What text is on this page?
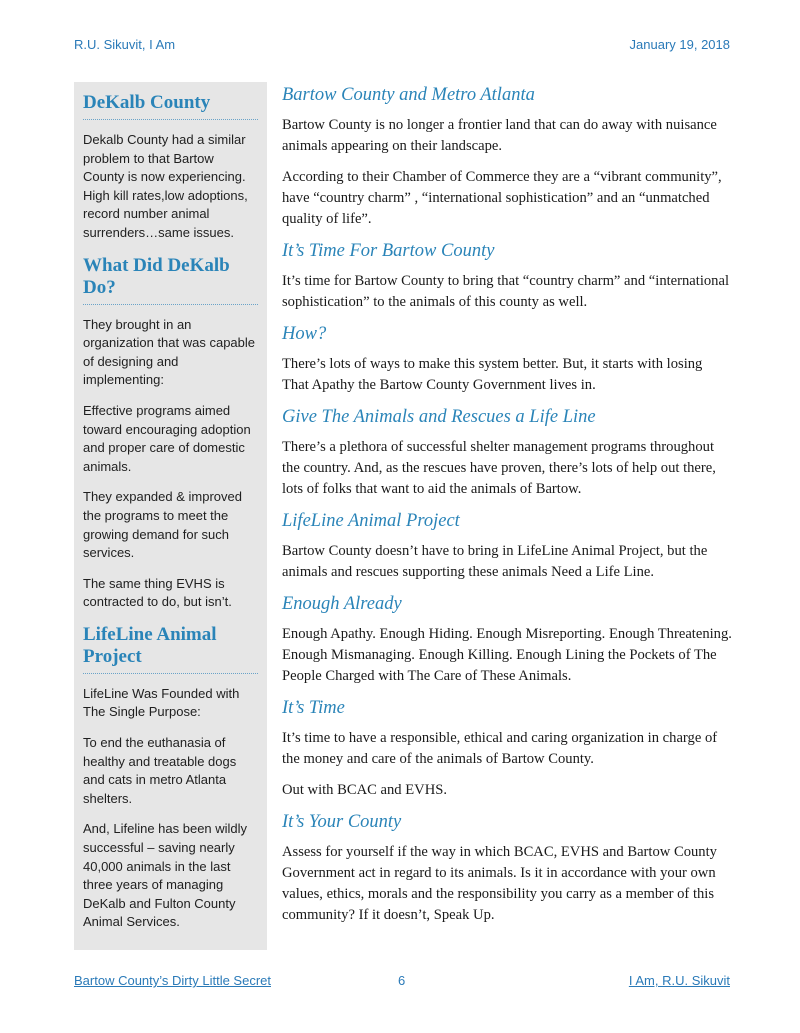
R.U. Sikuvit, I Am	January 19, 2018
DeKalb County

Dekalb County had a similar problem to that Bartow County is now experiencing. High kill rates,low adoptions, record number animal surrenders…same issues.

What Did DeKalb Do?

They brought in an organization that was capable of designing and implementing:

Effective programs aimed toward encouraging adoption and proper care of domestic animals.

They expanded & improved the programs to meet the growing demand for such services.

The same thing EVHS is contracted to do, but isn’t.

LifeLine Animal Project

LifeLine Was Founded with The Single Purpose:

To end the euthanasia of healthy and treatable dogs and cats in metro Atlanta shelters.

And, Lifeline has been wildly successful – saving nearly 40,000 animals in the last three years of managing DeKalb and Fulton County Animal Services.

Bartow County and Metro Atlanta

Bartow County is no longer a frontier land that can do away with nuisance animals appearing on their landscape.

According to their Chamber of Commerce they are a “vibrant community”, have “country charm” , “international sophistication” and an “unmatched quality of life”.

It’s Time For Bartow County

It’s time for Bartow County to bring that “country charm” and “international sophistication” to the animals of this county as well.

How?

There’s lots of ways to make this system better. But, it starts with losing That Apathy the Bartow County Government lives in.

Give The Animals and Rescues a Life Line

There’s a plethora of successful shelter management programs throughout the country. And, as the rescues have proven, there’s lots of help out there, lots of folks that want to aid the animals of Bartow.

LifeLine Animal Project

Bartow County doesn’t have to bring in LifeLine Animal Project, but the animals and rescues supporting these animals Need a Life Line.

Enough Already

Enough Apathy. Enough Hiding. Enough Misreporting. Enough Threatening. Enough Mismanaging. Enough Killing. Enough Lining the Pockets of The People Charged with The Care of These Animals.

It’s Time

It’s time to have a responsible, ethical and caring organization in charge of the money and care of the animals of Bartow County.

Out with BCAC and EVHS.

It’s Your County

Assess for yourself if the way in which BCAC, EVHS and Bartow County Government act in regard to its animals. Is it in accordance with your own values, ethics, morals and the responsibility you carry as a member of this community? If it doesn’t, Speak Up.

Bartow County’s Dirty Little Secret	6	I Am, R.U. Sikuvit
